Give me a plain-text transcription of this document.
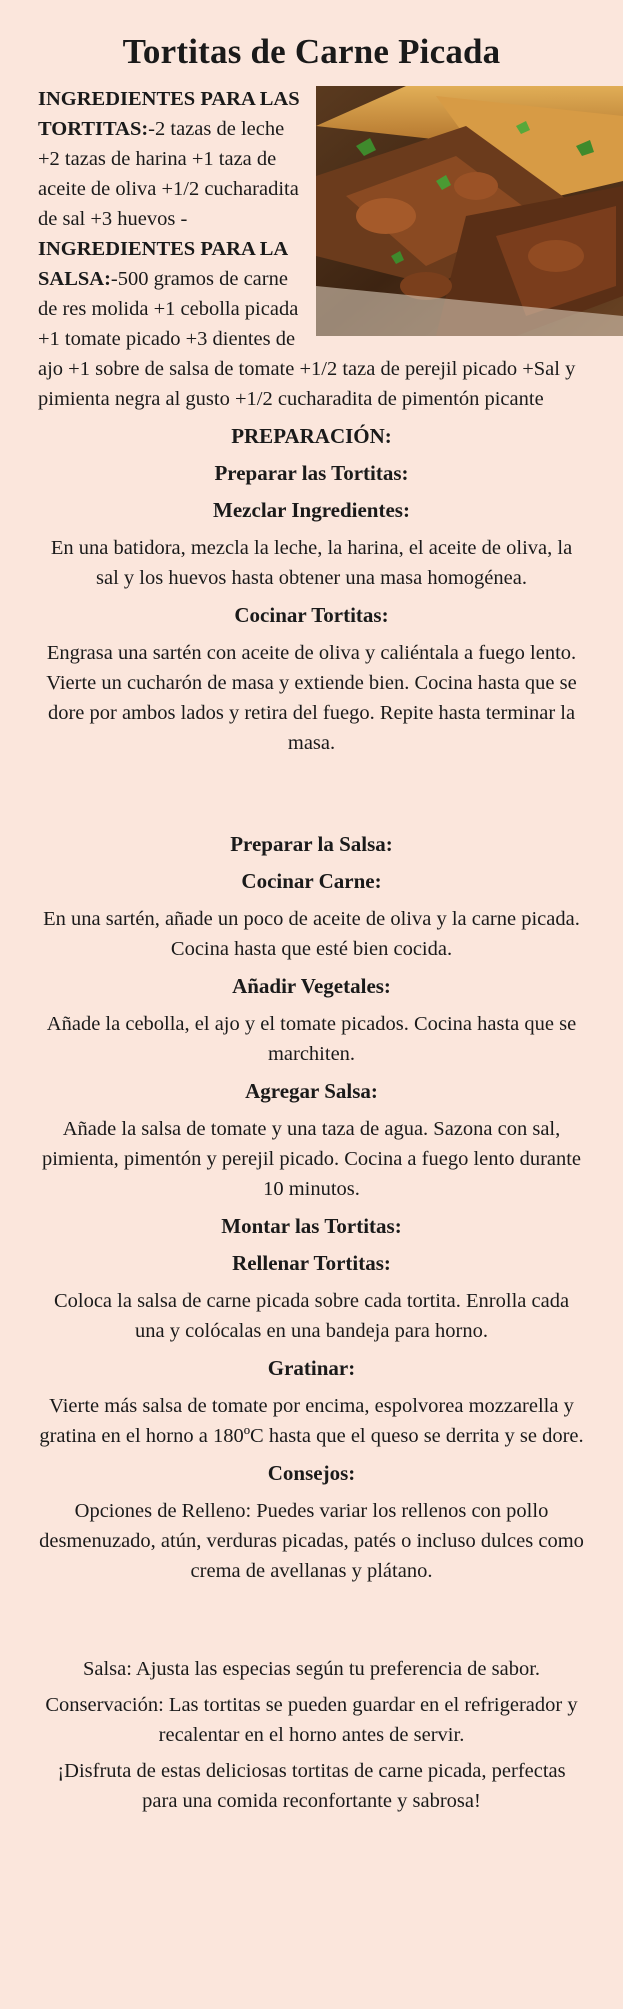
Tortitas de Carne Picada
INGREDIENTES PARA LAS TORTITAS:-2 tazas de leche +2 tazas de harina +1 taza de aceite de oliva +1/2 cucharadita de sal +3 huevos - INGREDIENTES PARA LA SALSA:-500 gramos de carne de res molida +1 cebolla picada +1 tomate picado +3 dientes de ajo +1 sobre de salsa de tomate +1/2 taza de perejil picado +Sal y pimienta negra al gusto +1/2 cucharadita de pimentón picante
PREPARACIÓN:
Preparar las Tortitas:
Mezclar Ingredientes:
En una batidora, mezcla la leche, la harina, el aceite de oliva, la sal y los huevos hasta obtener una masa homogénea.
Cocinar Tortitas:
Engrasa una sartén con aceite de oliva y caliéntala a fuego lento. Vierte un cucharón de masa y extiende bien. Cocina hasta que se dore por ambos lados y retira del fuego. Repite hasta terminar la masa.
Preparar la Salsa:
Cocinar Carne:
En una sartén, añade un poco de aceite de oliva y la carne picada. Cocina hasta que esté bien cocida.
Añadir Vegetales:
Añade la cebolla, el ajo y el tomate picados. Cocina hasta que se marchiten.
Agregar Salsa:
Añade la salsa de tomate y una taza de agua. Sazona con sal, pimienta, pimentón y perejil picado. Cocina a fuego lento durante 10 minutos.
Montar las Tortitas:
Rellenar Tortitas:
Coloca la salsa de carne picada sobre cada tortita. Enrolla cada una y colócalas en una bandeja para horno.
Gratinar:
Vierte más salsa de tomate por encima, espolvorea mozzarella y gratina en el horno a 180ºC hasta que el queso se derrita y se dore.
Consejos:
Opciones de Relleno: Puedes variar los rellenos con pollo desmenuzado, atún, verduras picadas, patés o incluso dulces como crema de avellanas y plátano.
Salsa: Ajusta las especias según tu preferencia de sabor.
Conservación: Las tortitas se pueden guardar en el refrigerador y recalentar en el horno antes de servir.
¡Disfruta de estas deliciosas tortitas de carne picada, perfectas para una comida reconfortante y sabrosa!
